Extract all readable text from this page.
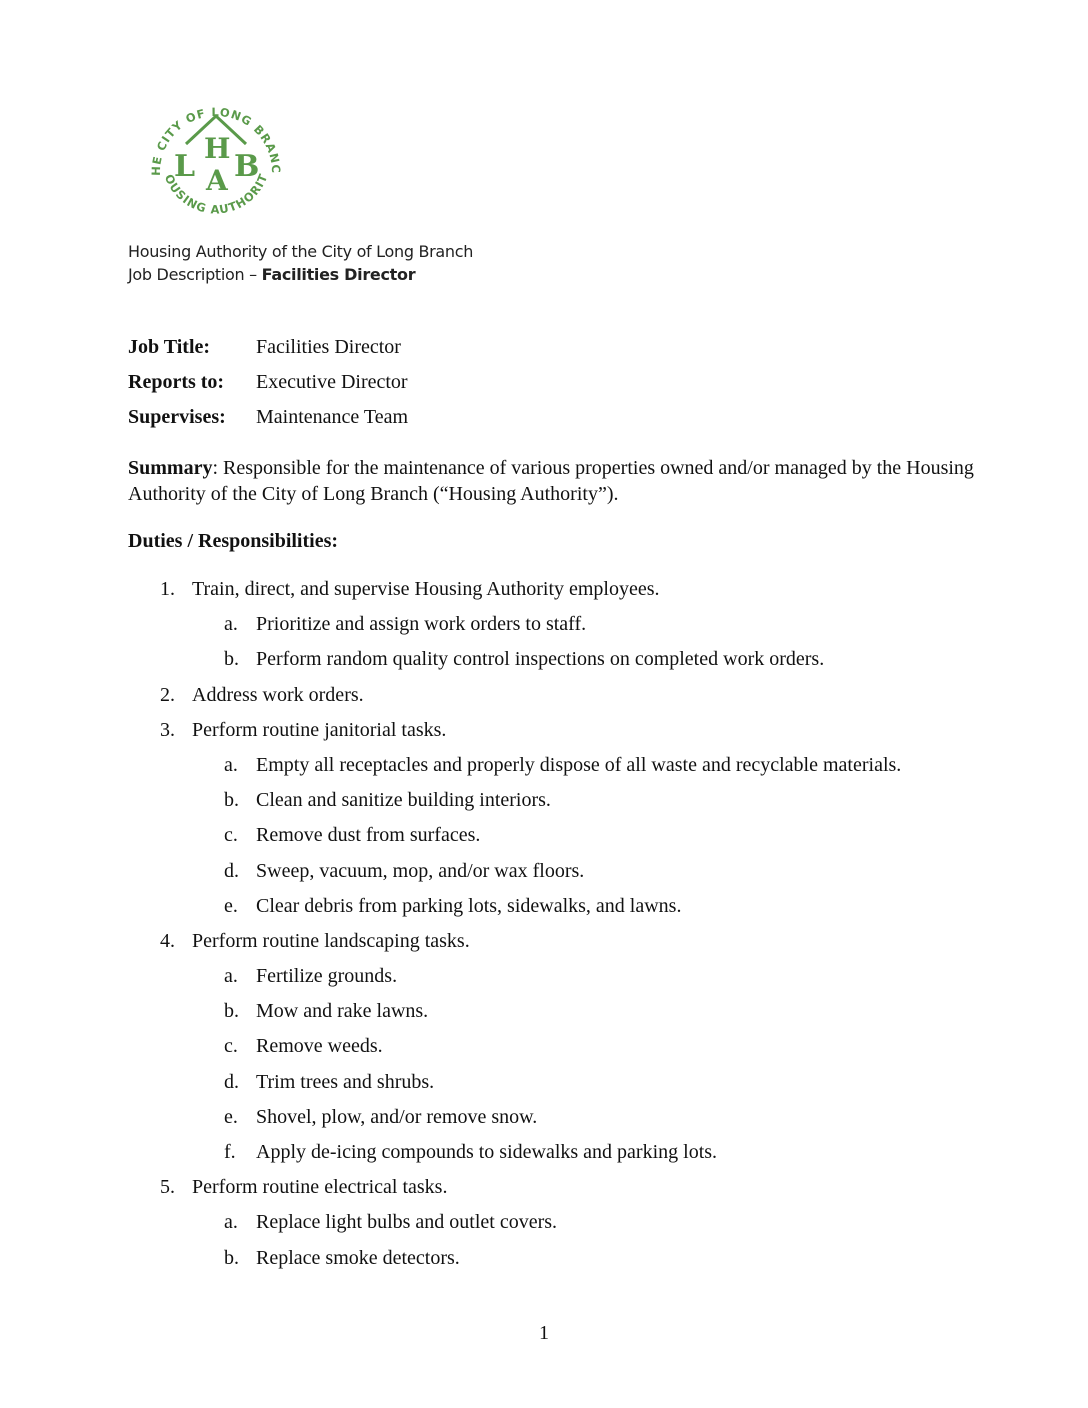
HE CITY OF LONG BRANC
OUSING AUTHORIT
L
H
A B
Housing Authority of the City of Long Branch
Job Description – Facilities Director
Job Title:	Facilities Director
Reports to:	Executive Director
Supervises:	Maintenance Team
Summary: Responsible for the maintenance of various properties owned and/or managed by the Housing Authority of the City of Long Branch (“Housing Authority”).
Duties / Responsibilities:
1. Train, direct, and supervise Housing Authority employees.
a. Prioritize and assign work orders to staff.
b. Perform random quality control inspections on completed work orders.
2. Address work orders.
3. Perform routine janitorial tasks.
a. Empty all receptacles and properly dispose of all waste and recyclable materials.
b. Clean and sanitize building interiors.
c. Remove dust from surfaces.
d. Sweep, vacuum, mop, and/or wax floors.
e. Clear debris from parking lots, sidewalks, and lawns.
4. Perform routine landscaping tasks.
a. Fertilize grounds.
b. Mow and rake lawns.
c. Remove weeds.
d. Trim trees and shrubs.
e. Shovel, plow, and/or remove snow.
f. Apply de-icing compounds to sidewalks and parking lots.
5. Perform routine electrical tasks.
a. Replace light bulbs and outlet covers.
b. Replace smoke detectors.
1
